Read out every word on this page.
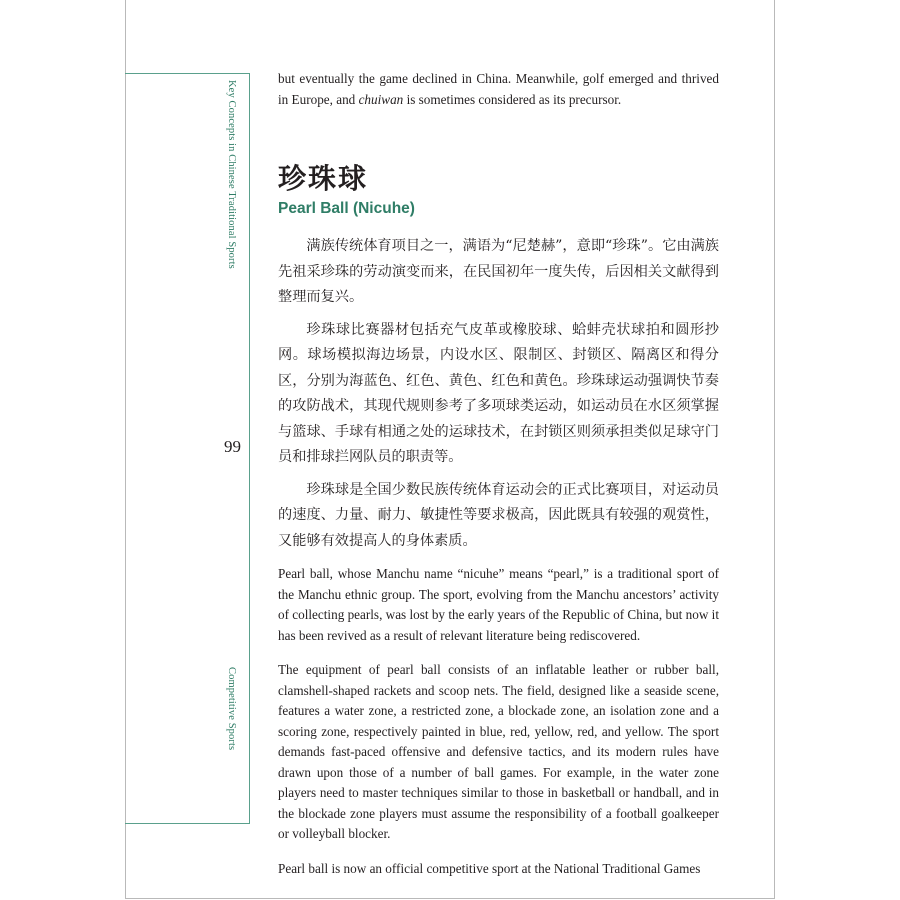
Key Concepts in Chinese Traditional Sports
99
Competitive Sports

but eventually the game declined in China. Meanwhile, golf emerged and thrived in Europe, and chuiwan is sometimes considered as its precursor.

珍珠球
Pearl Ball (Nicuhe)

满族传统体育项目之一，满语为“尼楚赫”，意即“珍珠”。它由满族先祖采珍珠的劳动演变而来，在民国初年一度失传，后因相关文献得到整理而复兴。

珍珠球比赛器材包括充气皮革或橡胶球、蛤蚌壳状球拍和圆形抄网。球场模拟海边场景，内设水区、限制区、封锁区、隔离区和得分区，分别为海蓝色、红色、黄色、红色和黄色。珍珠球运动强调快节奏的攻防战术，其现代规则参考了多项球类运动，如运动员在水区须掌握与篮球、手球有相通之处的运球技术，在封锁区则须承担类似足球守门员和排球拦网队员的职责等。

珍珠球是全国少数民族传统体育运动会的正式比赛项目，对运动员的速度、力量、耐力、敏捷性等要求极高，因此既具有较强的观赏性，又能够有效提高人的身体素质。

Pearl ball, whose Manchu name “nicuhe” means “pearl,” is a traditional sport of the Manchu ethnic group. The sport, evolving from the Manchu ancestors’ activity of collecting pearls, was lost by the early years of the Republic of China, but now it has been revived as a result of relevant literature being rediscovered.

The equipment of pearl ball consists of an inflatable leather or rubber ball, clamshell-shaped rackets and scoop nets. The field, designed like a seaside scene, features a water zone, a restricted zone, a blockade zone, an isolation zone and a scoring zone, respectively painted in blue, red, yellow, red, and yellow. The sport demands fast-paced offensive and defensive tactics, and its modern rules have drawn upon those of a number of ball games. For example, in the water zone players need to master techniques similar to those in basketball or handball, and in the blockade zone players must assume the responsibility of a football goalkeeper or volleyball blocker.

Pearl ball is now an official competitive sport at the National Traditional Games
